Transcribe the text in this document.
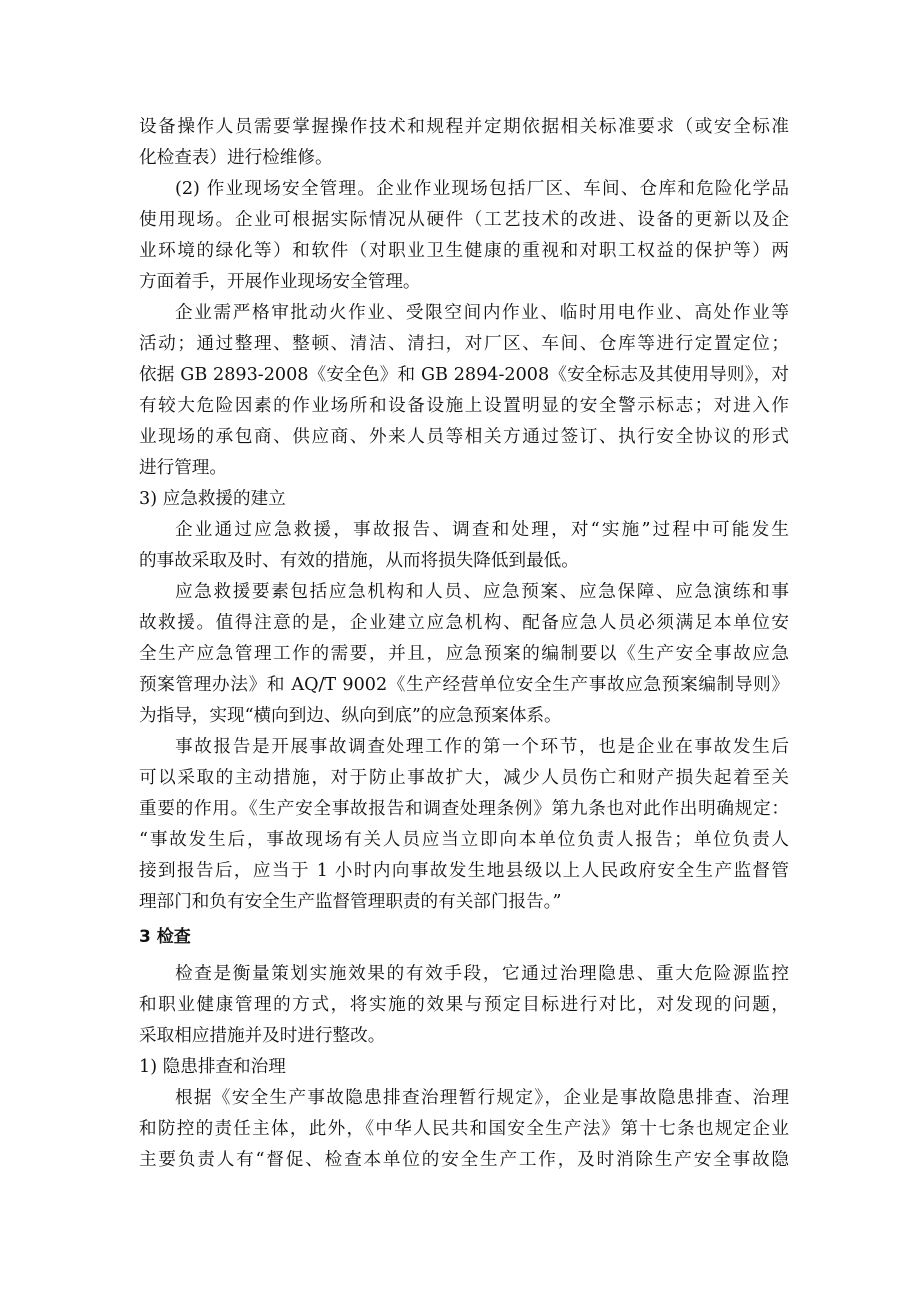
设备操作人员需要掌握操作技术和规程并定期依据相关标准要求（或安全标准
化检查表）进行检维修。
(2) 作业现场安全管理。企业作业现场包括厂区、车间、仓库和危险化学品
使用现场。企业可根据实际情况从硬件（工艺技术的改进、设备的更新以及企
业环境的绿化等）和软件（对职业卫生健康的重视和对职工权益的保护等）两
方面着手，开展作业现场安全管理。
企业需严格审批动火作业、受限空间内作业、临时用电作业、高处作业等
活动；通过整理、整顿、清洁、清扫，对厂区、车间、仓库等进行定置定位；
依据 GB 2893-2008《安全色》和 GB 2894-2008《安全标志及其使用导则》，对
有较大危险因素的作业场所和设备设施上设置明显的安全警示标志；对进入作
业现场的承包商、供应商、外来人员等相关方通过签订、执行安全协议的形式
进行管理。
3) 应急救援的建立
企业通过应急救援，事故报告、调查和处理，对“实施”过程中可能发生
的事故采取及时、有效的措施，从而将损失降低到最低。
应急救援要素包括应急机构和人员、应急预案、应急保障、应急演练和事
故救援。值得注意的是，企业建立应急机构、配备应急人员必须满足本单位安
全生产应急管理工作的需要，并且，应急预案的编制要以《生产安全事故应急
预案管理办法》和 AQ/T 9002《生产经营单位安全生产事故应急预案编制导则》
为指导，实现“横向到边、纵向到底”的应急预案体系。
事故报告是开展事故调查处理工作的第一个环节，也是企业在事故发生后
可以采取的主动措施，对于防止事故扩大，减少人员伤亡和财产损失起着至关
重要的作用。《生产安全事故报告和调查处理条例》第九条也对此作出明确规定：
“事故发生后，事故现场有关人员应当立即向本单位负责人报告；单位负责人
接到报告后，应当于 1 小时内向事故发生地县级以上人民政府安全生产监督管
理部门和负有安全生产监督管理职责的有关部门报告。”
3 检查
检查是衡量策划实施效果的有效手段，它通过治理隐患、重大危险源监控
和职业健康管理的方式，将实施的效果与预定目标进行对比，对发现的问题，
采取相应措施并及时进行整改。
1) 隐患排查和治理
根据《安全生产事故隐患排查治理暂行规定》，企业是事故隐患排查、治理
和防控的责任主体，此外，《中华人民共和国安全生产法》第十七条也规定企业
主要负责人有“督促、检查本单位的安全生产工作，及时消除生产安全事故隐
